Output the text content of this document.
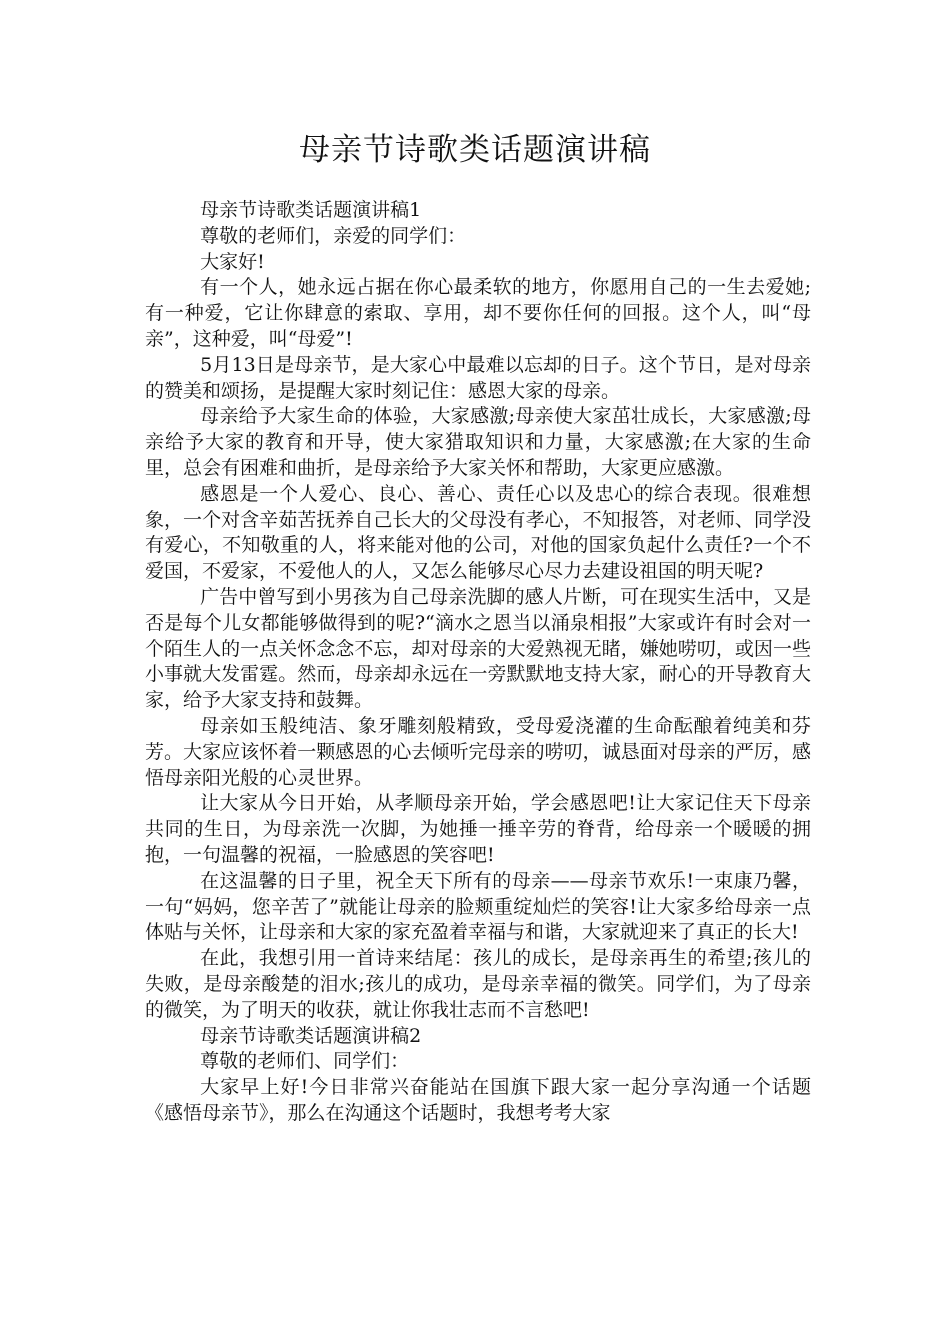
母亲节诗歌类话题演讲稿

母亲节诗歌类话题演讲稿1

尊敬的老师们，亲爱的同学们：

大家好!

有一个人，她永远占据在你心最柔软的地方，你愿用自己的一生去爱她;有一种爱，它让你肆意的索取、享用，却不要你任何的回报。这个人，叫“母亲”，这种爱，叫“母爱”!

5月13日是母亲节，是大家心中最难以忘却的日子。这个节日，是对母亲的赞美和颂扬，是提醒大家时刻记住：感恩大家的母亲。

母亲给予大家生命的体验，大家感激;母亲使大家茁壮成长，大家感激;母亲给予大家的教育和开导，使大家猎取知识和力量，大家感激;在大家的生命里，总会有困难和曲折，是母亲给予大家关怀和帮助，大家更应感激。

感恩是一个人爱心、良心、善心、责任心以及忠心的综合表现。很难想象，一个对含辛茹苦抚养自己长大的父母没有孝心，不知报答，对老师、同学没有爱心，不知敬重的人，将来能对他的公司，对他的国家负起什么责任?一个不爱国，不爱家，不爱他人的人，又怎么能够尽心尽力去建设祖国的明天呢?

广告中曾写到小男孩为自己母亲洗脚的感人片断，可在现实生活中，又是否是每个儿女都能够做得到的呢?“滴水之恩当以涌泉相报”大家或许有时会对一个陌生人的一点关怀念念不忘，却对母亲的大爱熟视无睹，嫌她唠叨，或因一些小事就大发雷霆。然而，母亲却永远在一旁默默地支持大家，耐心的开导教育大家，给予大家支持和鼓舞。

母亲如玉般纯洁、象牙雕刻般精致，受母爱浇灌的生命酝酿着纯美和芬芳。大家应该怀着一颗感恩的心去倾听完母亲的唠叨，诚恳面对母亲的严厉，感悟母亲阳光般的心灵世界。

让大家从今日开始，从孝顺母亲开始，学会感恩吧!让大家记住天下母亲共同的生日，为母亲洗一次脚，为她捶一捶辛劳的脊背，给母亲一个暖暖的拥抱，一句温馨的祝福，一脸感恩的笑容吧!

在这温馨的日子里，祝全天下所有的母亲——母亲节欢乐!一束康乃馨，一句“妈妈，您辛苦了”就能让母亲的脸颊重绽灿烂的笑容!让大家多给母亲一点体贴与关怀，让母亲和大家的家充盈着幸福与和谐，大家就迎来了真正的长大!

在此，我想引用一首诗来结尾：孩儿的成长，是母亲再生的希望;孩儿的失败，是母亲酸楚的泪水;孩儿的成功，是母亲幸福的微笑。同学们，为了母亲的微笑，为了明天的收获，就让你我壮志而不言愁吧!

母亲节诗歌类话题演讲稿2

尊敬的老师们、同学们：

大家早上好!今日非常兴奋能站在国旗下跟大家一起分享沟通一个话题《感悟母亲节》，那么在沟通这个话题时，我想考考大家
